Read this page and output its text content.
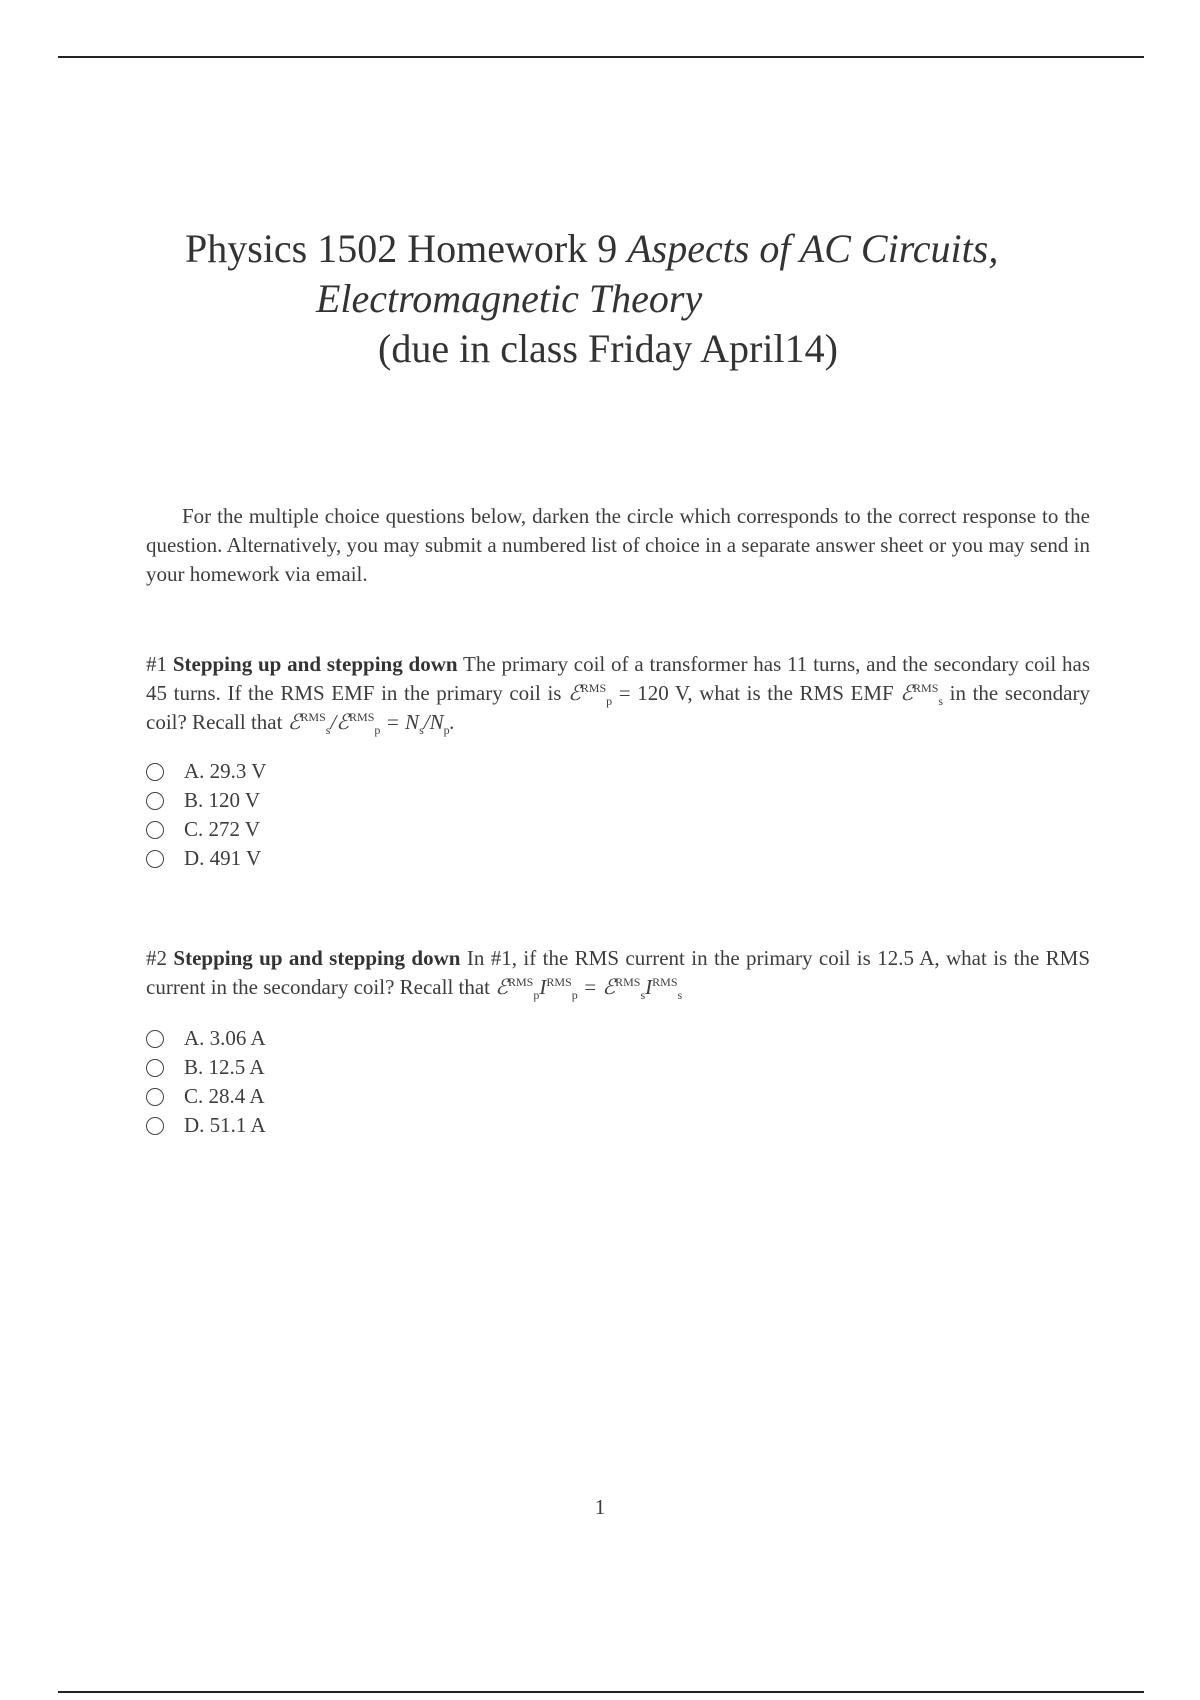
Physics 1502 Homework 9 Aspects of AC Circuits,
Electromagnetic Theory
(due in class Friday April14)

For the multiple choice questions below, darken the circle which corresponds to the correct response to the question. Alternatively, you may submit a numbered list of choice in a separate answer sheet or you may send in your homework via email.

#1 Stepping up and stepping down The primary coil of a transformer has 11 turns, and the secondary coil has 45 turns. If the RMS EMF in the primary coil is ℰ$^{RMS}_p$ = 120 V, what is the RMS EMF ℰ$^{RMS}_s$ in the secondary coil? Recall that ℰ$^{RMS}_s$/ℰ$^{RMS}_p$ = $N_s/N_p$.

A. 29.3 V
B. 120 V
C. 272 V
D. 491 V

#2 Stepping up and stepping down In #1, if the RMS current in the primary coil is 12.5 A, what is the RMS current in the secondary coil? Recall that $ℰ^{RMS}_pI^{RMS}_p$ = $ℰ^{RMS}_sI^{RMS}_s$

A. 3.06 A
B. 12.5 A
C. 28.4 A
D. 51.1 A
1
